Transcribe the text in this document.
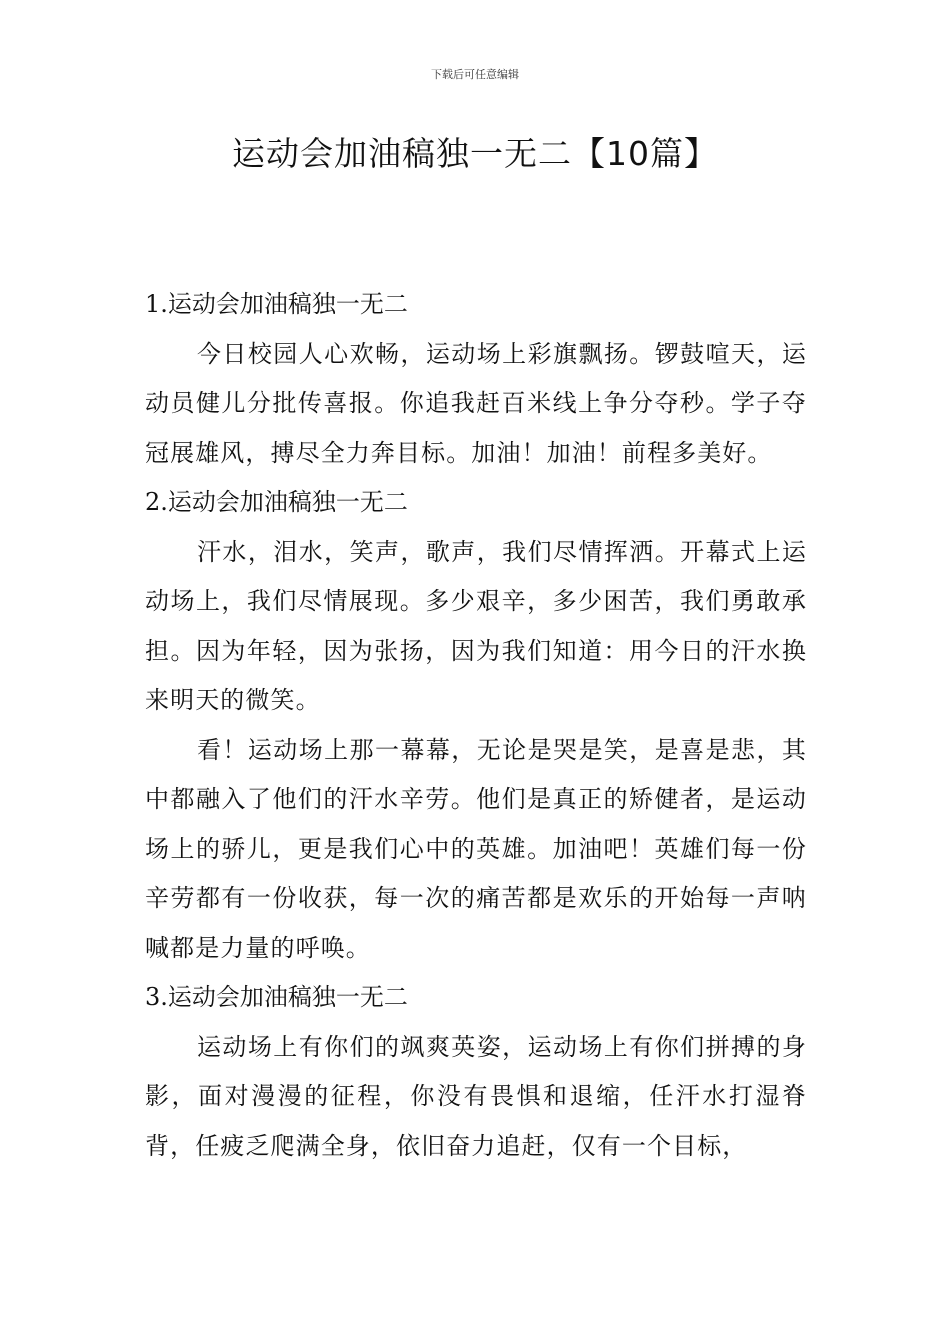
下载后可任意编辑
运动会加油稿独一无二【10篇】

1.运动会加油稿独一无二

今日校园人心欢畅，运动场上彩旗飘扬。锣鼓喧天，运动员健儿分批传喜报。你追我赶百米线上争分夺秒。学子夺冠展雄风，搏尽全力奔目标。加油！加油！前程多美好。

2.运动会加油稿独一无二

汗水，泪水，笑声，歌声，我们尽情挥洒。开幕式上运动场上，我们尽情展现。多少艰辛，多少困苦，我们勇敢承担。因为年轻，因为张扬，因为我们知道：用今日的汗水换来明天的微笑。

看！运动场上那一幕幕，无论是哭是笑，是喜是悲，其中都融入了他们的汗水辛劳。他们是真正的矫健者，是运动场上的骄儿，更是我们心中的英雄。加油吧！英雄们每一份辛劳都有一份收获，每一次的痛苦都是欢乐的开始每一声呐喊都是力量的呼唤。

3.运动会加油稿独一无二

运动场上有你们的飒爽英姿，运动场上有你们拼搏的身影，面对漫漫的征程，你没有畏惧和退缩，任汗水打湿脊背，任疲乏爬满全身，依旧奋力追赶，仅有一个目标，
